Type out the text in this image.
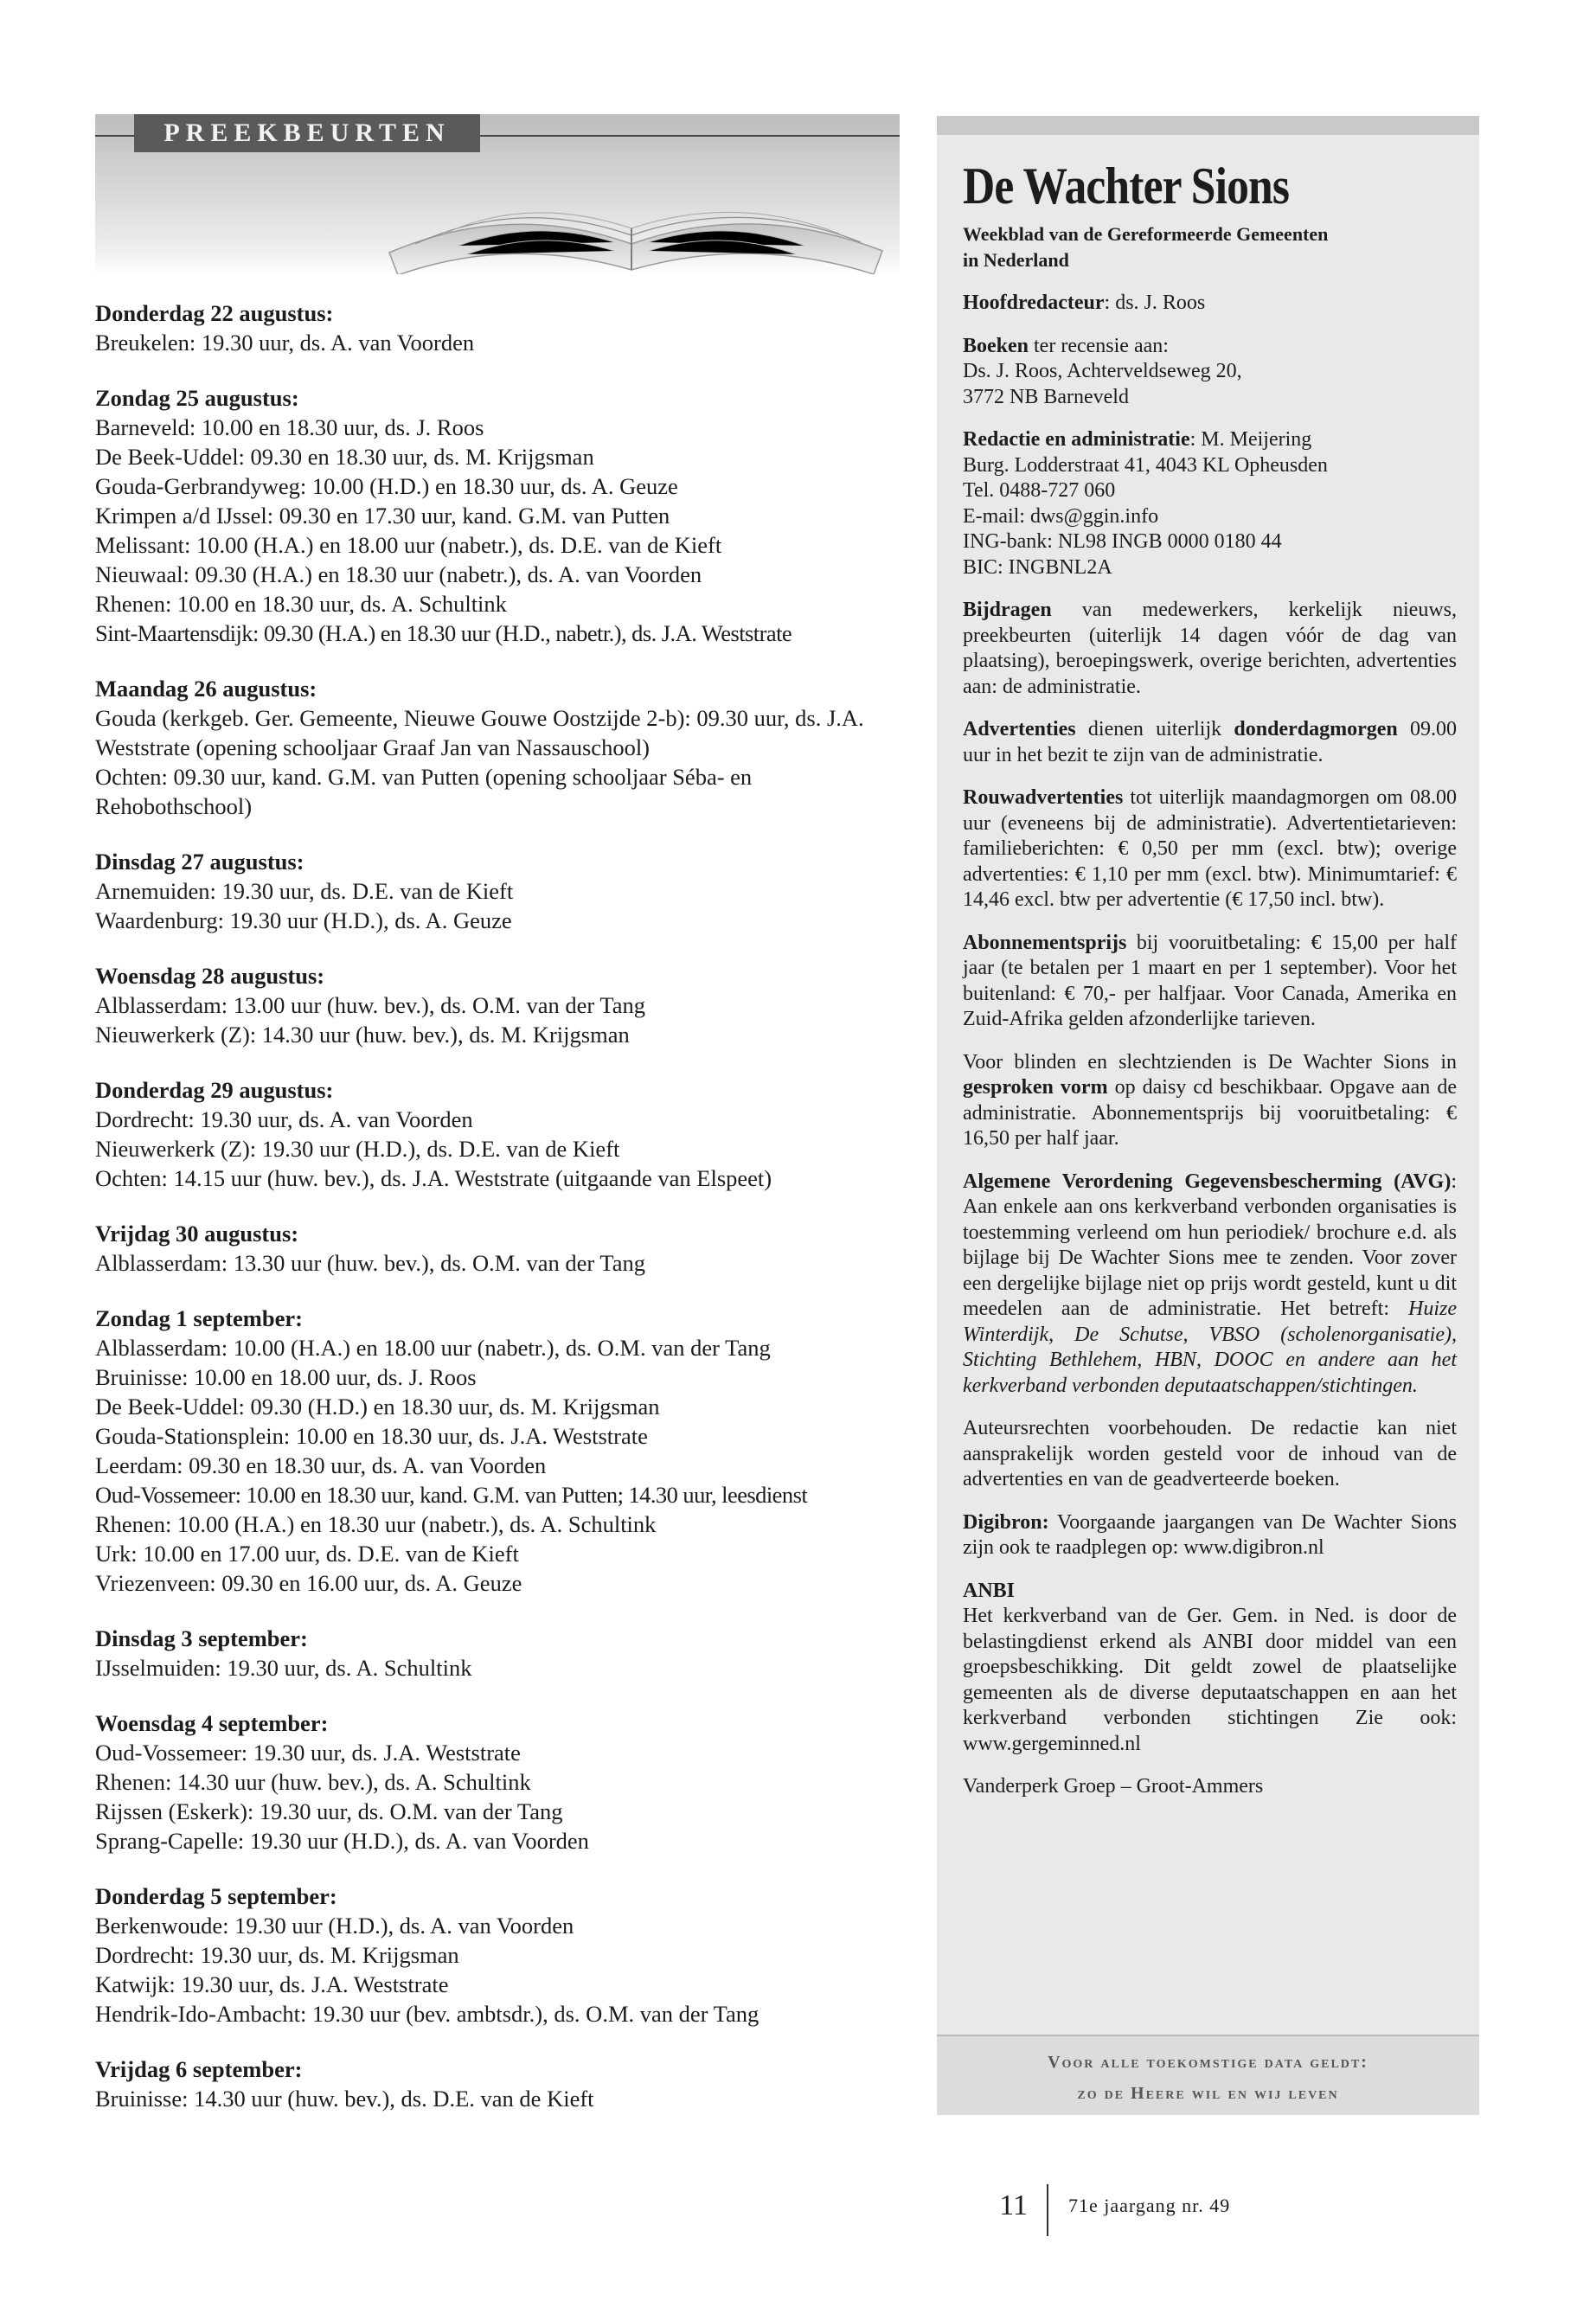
PREEKBEURTEN
Donderdag 22 augustus:
Breukelen: 19.30 uur, ds. A. van Voorden
Zondag 25 augustus:
Barneveld: 10.00 en 18.30 uur, ds. J. Roos
De Beek-Uddel: 09.30 en 18.30 uur, ds. M. Krijgsman
Gouda-Gerbrandyweg: 10.00 (H.D.) en 18.30 uur, ds. A. Geuze
Krimpen a/d IJssel: 09.30 en 17.30 uur, kand. G.M. van Putten
Melissant: 10.00 (H.A.) en 18.00 uur (nabetr.), ds. D.E. van de Kieft
Nieuwaal: 09.30 (H.A.) en 18.30 uur (nabetr.), ds. A. van Voorden
Rhenen: 10.00 en 18.30 uur, ds. A. Schultink
Sint-Maartensdijk: 09.30 (H.A.) en 18.30 uur (H.D., nabetr.), ds. J.A. Weststrate
Maandag 26 augustus:
Gouda (kerkgeb. Ger. Gemeente, Nieuwe Gouwe Oostzijde 2-b): 09.30 uur, ds. J.A. Weststrate (opening schooljaar Graaf Jan van Nassauschool)
Ochten: 09.30 uur, kand. G.M. van Putten (opening schooljaar Séba- en Rehobothschool)
Dinsdag 27 augustus:
Arnemuiden: 19.30 uur, ds. D.E. van de Kieft
Waardenburg: 19.30 uur (H.D.), ds. A. Geuze
Woensdag 28 augustus:
Alblasserdam: 13.00 uur (huw. bev.), ds. O.M. van der Tang
Nieuwerkerk (Z): 14.30 uur (huw. bev.), ds. M. Krijgsman
Donderdag 29 augustus:
Dordrecht: 19.30 uur, ds. A. van Voorden
Nieuwerkerk (Z): 19.30 uur (H.D.), ds. D.E. van de Kieft
Ochten: 14.15 uur (huw. bev.), ds. J.A. Weststrate (uitgaande van Elspeet)
Vrijdag 30 augustus:
Alblasserdam: 13.30 uur (huw. bev.), ds. O.M. van der Tang
Zondag 1 september:
Alblasserdam: 10.00 (H.A.) en 18.00 uur (nabetr.), ds. O.M. van der Tang
Bruinisse: 10.00 en 18.00 uur, ds. J. Roos
De Beek-Uddel: 09.30 (H.D.) en 18.30 uur, ds. M. Krijgsman
Gouda-Stationsplein: 10.00 en 18.30 uur, ds. J.A. Weststrate
Leerdam: 09.30 en 18.30 uur, ds. A. van Voorden
Oud-Vossemeer: 10.00 en 18.30 uur, kand. G.M. van Putten; 14.30 uur, leesdienst
Rhenen: 10.00 (H.A.) en 18.30 uur (nabetr.), ds. A. Schultink
Urk: 10.00 en 17.00 uur, ds. D.E. van de Kieft
Vriezenveen: 09.30 en 16.00 uur, ds. A. Geuze
Dinsdag 3 september:
IJsselmuiden: 19.30 uur, ds. A. Schultink
Woensdag 4 september:
Oud-Vossemeer: 19.30 uur, ds. J.A. Weststrate
Rhenen: 14.30 uur (huw. bev.), ds. A. Schultink
Rijssen (Eskerk): 19.30 uur, ds. O.M. van der Tang
Sprang-Capelle: 19.30 uur (H.D.), ds. A. van Voorden
Donderdag 5 september:
Berkenwoude: 19.30 uur (H.D.), ds. A. van Voorden
Dordrecht: 19.30 uur, ds. M. Krijgsman
Katwijk: 19.30 uur, ds. J.A. Weststrate
Hendrik-Ido-Ambacht: 19.30 uur (bev. ambtsdr.), ds. O.M. van der Tang
Vrijdag 6 september:
Bruinisse: 14.30 uur (huw. bev.), ds. D.E. van de Kieft
De Wachter Sions
Weekblad van de Gereformeerde Gemeenten
in Nederland
Hoofdredacteur: ds. J. Roos
Boeken ter recensie aan:
Ds. J. Roos, Achterveldseweg 20,
3772 NB Barneveld
Redactie en administratie: M. Meijering
Burg. Lodderstraat 41, 4043 KL Opheusden
Tel. 0488-727 060
E-mail: dws@ggin.info
ING-bank: NL98 INGB 0000 0180 44
BIC: INGBNL2A
Bijdragen van medewerkers, kerkelijk nieuws, preekbeurten (uiterlijk 14 dagen vóór de dag van plaatsing), beroepingswerk, overige berichten, advertenties aan: de administratie.
Advertenties dienen uiterlijk donderdagmorgen 09.00 uur in het bezit te zijn van de administratie.
Rouwadvertenties tot uiterlijk maandagmorgen om 08.00 uur (eveneens bij de administratie). Advertentietarieven: familieberichten: € 0,50 per mm (excl. btw); overige advertenties: € 1,10 per mm (excl. btw). Minimumtarief: € 14,46 excl. btw per advertentie (€ 17,50 incl. btw).
Abonnementsprijs bij vooruitbetaling: € 15,00 per half jaar (te betalen per 1 maart en per 1 september). Voor het buitenland: € 70,- per halfjaar. Voor Canada, Amerika en Zuid-Afrika gelden afzonderlijke tarieven.
Voor blinden en slechtzienden is De Wachter Sions in gesproken vorm op daisy cd beschikbaar. Opgave aan de administratie. Abonnementsprijs bij vooruitbetaling: € 16,50 per half jaar.
Algemene Verordening Gegevensbescherming (AVG): Aan enkele aan ons kerkverband verbonden organisaties is toestemming verleend om hun periodiek/ brochure e.d. als bijlage bij De Wachter Sions mee te zenden. Voor zover een dergelijke bijlage niet op prijs wordt gesteld, kunt u dit meedelen aan de administratie. Het betreft: Huize Winterdijk, De Schutse, VBSO (scholenorganisatie), Stichting Bethlehem, HBN, DOOC en andere aan het kerkverband verbonden deputaatschappen/stichtingen.
Auteursrechten voorbehouden. De redactie kan niet aansprakelijk worden gesteld voor de inhoud van de advertenties en van de geadverteerde boeken.
Digibron: Voorgaande jaargangen van De Wachter Sions zijn ook te raadplegen op: www.digibron.nl
ANBI
Het kerkverband van de Ger. Gem. in Ned. is door de belastingdienst erkend als ANBI door middel van een groepsbeschikking. Dit geldt zowel de plaatselijke gemeenten als de diverse deputaatschappen en aan het kerkverband verbonden stichtingen Zie ook: www.gergeminned.nl
Vanderperk Groep – Groot-Ammers
Voor alle toekomstige data geldt:
zo de Heere wil en wij leven
11 71e jaargang nr. 49
